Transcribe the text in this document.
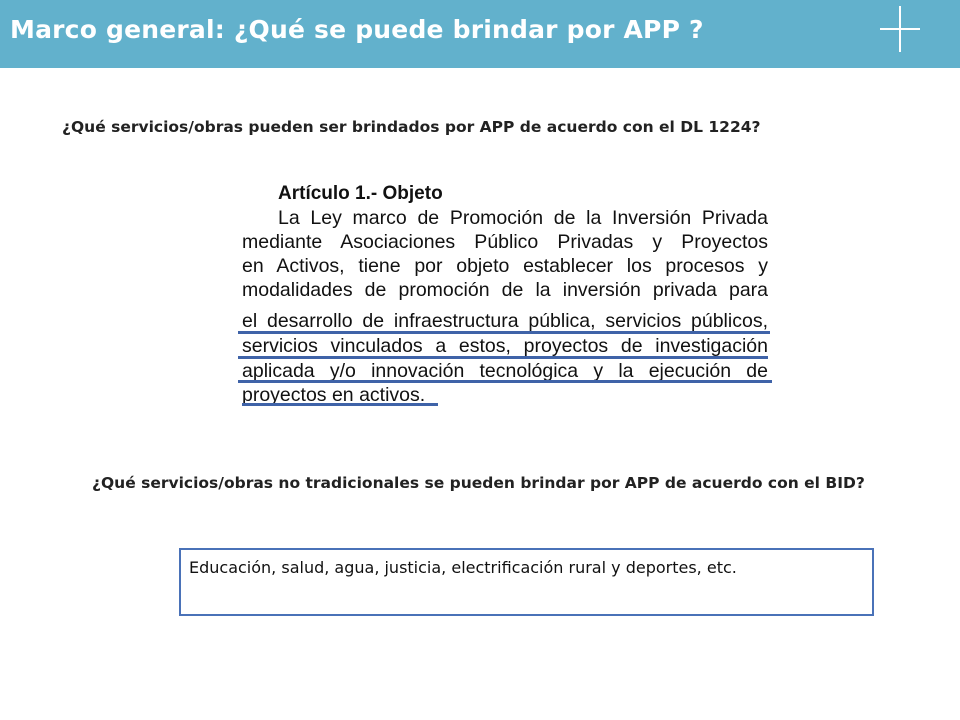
Marco general: ¿Qué se puede brindar por APP ?
¿Qué servicios/obras pueden ser brindados por APP de acuerdo con el DL 1224?
Artículo 1.- Objeto
La Ley marco de Promoción de la Inversión Privada
mediante Asociaciones Público Privadas y Proyectos
en Activos, tiene por objeto establecer los procesos y
modalidades de promoción de la inversión privada para
el desarrollo de infraestructura pública, servicios públicos,
servicios vinculados a estos, proyectos de investigación
aplicada y/o innovación tecnológica y la ejecución de
proyectos en activos.
¿Qué servicios/obras no tradicionales se pueden brindar por APP de acuerdo con el BID?
Educación, salud, agua, justicia, electrificación rural y deportes, etc.
